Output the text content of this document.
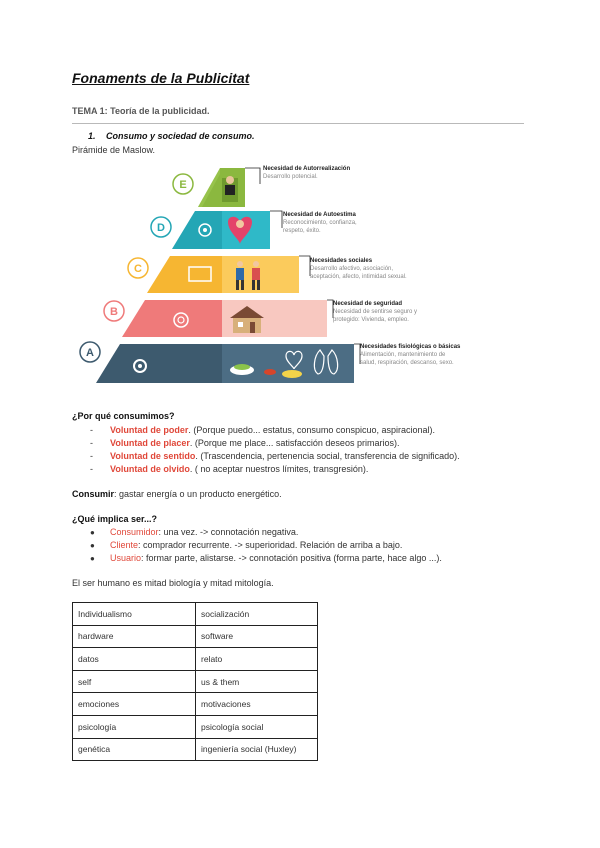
Fonaments de la Publicitat
TEMA 1: Teoría de la publicidad.
1. Consumo y sociedad de consumo.
Pirámide de Maslow.
E
D
C
B
A
Necesidad de Autorrealización
Desarrollo potencial.
Necesidad de Autoestima
Reconocimiento, confianza,
respeto, éxito.
Necesidades sociales
Desarrollo afectivo, asociación,
aceptación, afecto, intimidad sexual.
Necesidad de seguridad
Necesidad de sentirse seguro y
protegido: Vivienda, empleo.
Necesidades fisiológicas o básicas
Alimentación, mantenimiento de
salud, respiración, descanso, sexo.
¿Por qué consumimos?
- Voluntad de poder. (Porque puedo... estatus, consumo conspicuo, aspiracional).
- Voluntad de placer. (Porque me place... satisfacción deseos primarios).
- Voluntad de sentido. (Trascendencia, pertenencia social, transferencia de significado).
- Voluntad de olvido. ( no aceptar nuestros límites, transgresión).
Consumir: gastar energía o un producto energético.
¿Qué implica ser...?
● Consumidor: una vez. -> connotación negativa.
● Cliente: comprador recurrente. -> superioridad. Relación de arriba a bajo.
● Usuario: formar parte, alistarse. -> connotación positiva (forma parte, hace algo ...).
El ser humano es mitad biología y mitad mitología.
Individualismo	socialización
hardware	software
datos	relato
self	us & them
emociones	motivaciones
psicología	psicología social
genética	ingeniería social (Huxley)
